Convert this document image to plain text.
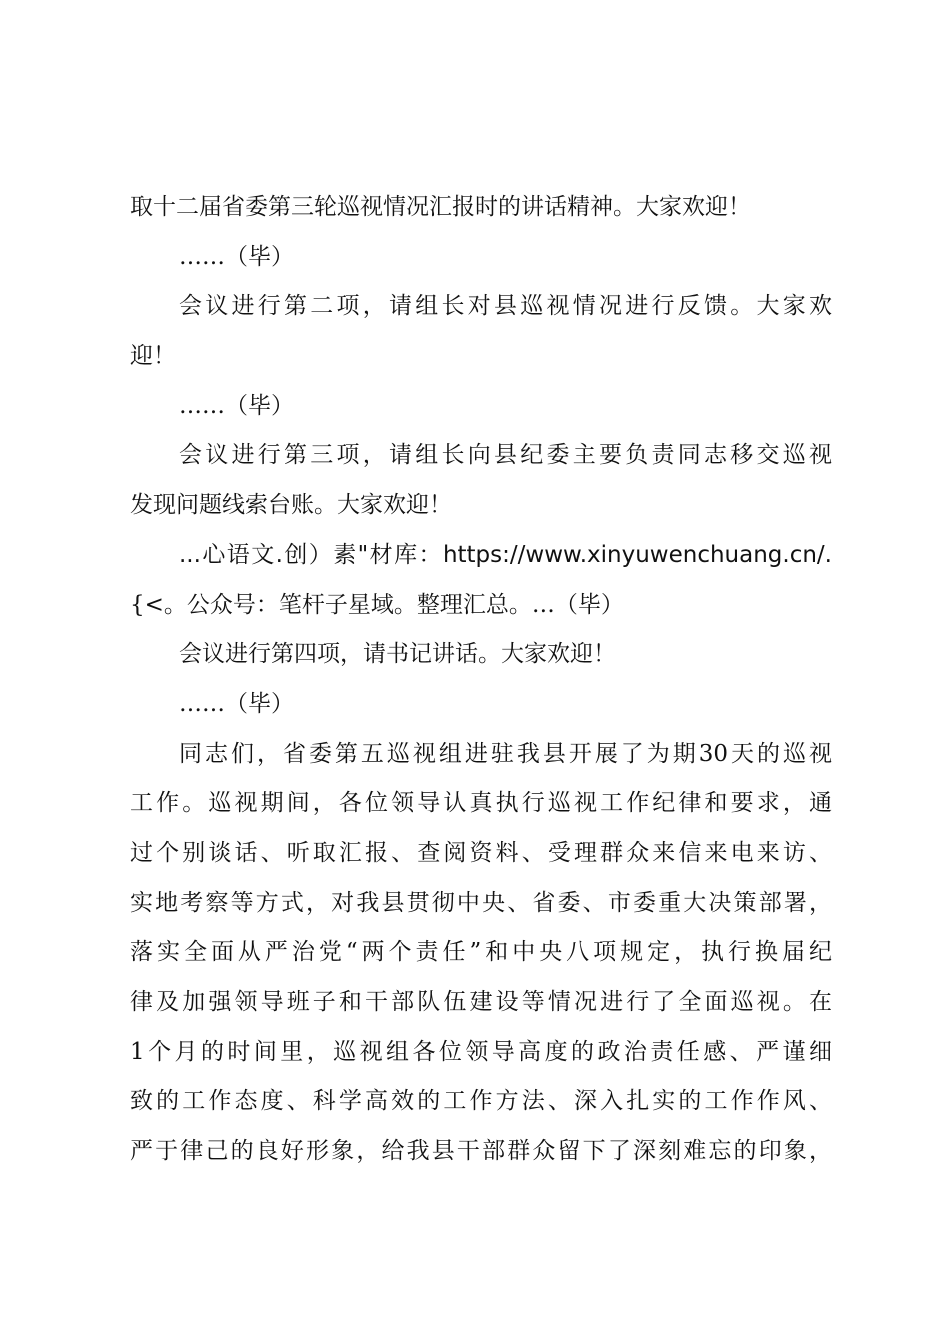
取十二届省委第三轮巡视情况汇报时的讲话精神。大家欢迎！
……（毕）
会议进行第二项，请组长对县巡视情况进行反馈。大家欢
迎！
……（毕）
会议进行第三项，请组长向县纪委主要负责同志移交巡视
发现问题线索台账。大家欢迎！
...心语文.创）素"材库：https://www.xinyuwenchuang.cn/.
{<。公众号：笔杆子星域。整理汇总。…（毕）
会议进行第四项，请书记讲话。大家欢迎！
……（毕）
同志们，省委第五巡视组进驻我县开展了为期30天的巡视
工作。巡视期间，各位领导认真执行巡视工作纪律和要求，通
过个别谈话、听取汇报、查阅资料、受理群众来信来电来访、
实地考察等方式，对我县贯彻中央、省委、市委重大决策部署，
落实全面从严治党“两个责任”和中央八项规定，执行换届纪
律及加强领导班子和干部队伍建设等情况进行了全面巡视。在
1个月的时间里，巡视组各位领导高度的政治责任感、严谨细
致的工作态度、科学高效的工作方法、深入扎实的工作作风、
严于律己的良好形象，给我县干部群众留下了深刻难忘的印象，
